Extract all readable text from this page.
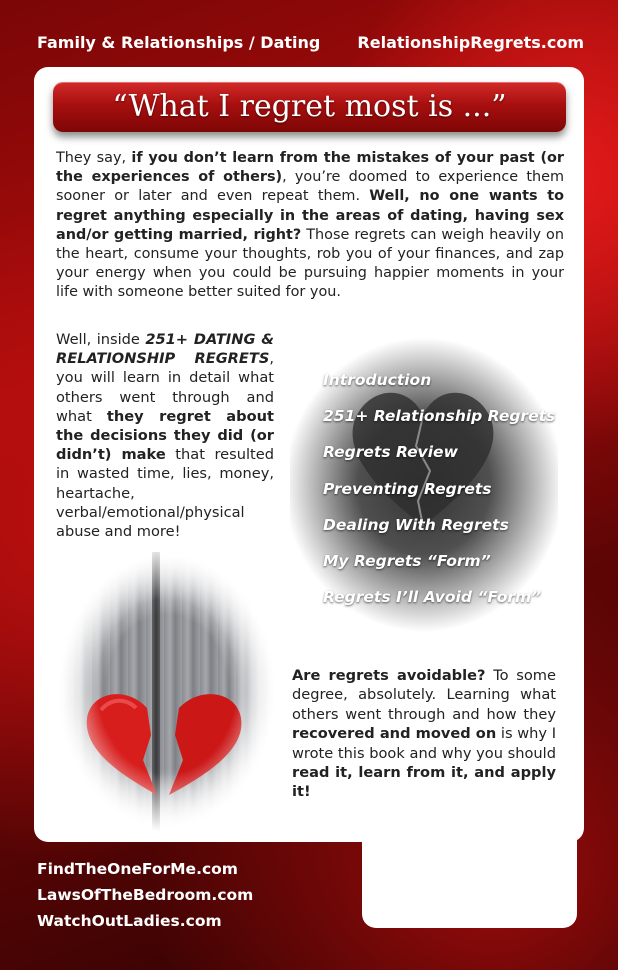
Family & Relationships / Dating RelationshipRegrets.com
“What I regret most is ...”
They say, if you don’t learn from the mistakes of your past (or the experiences of others), you’re doomed to experience them sooner or later and even repeat them. Well, no one wants to regret anything especially in the areas of dating, having sex and/or getting married, right? Those regrets can weigh heavily on the heart, consume your thoughts, rob you of your finances, and zap your energy when you could be pursuing happier moments in your life with someone better suited for you.
Well, inside 251+ DATING & RELATIONSHIP REGRETS, you will learn in detail what others went through and what they regret about the decisions they did (or didn’t) make that resulted in wasted time, lies, money, heartache, verbal/emotional/physical abuse and more!
Introduction
251+ Relationship Regrets
Regrets Review
Preventing Regrets
Dealing With Regrets
My Regrets “Form”
Regrets I’ll Avoid “Form”
Are regrets avoidable? To some degree, absolutely. Learning what others went through and how they recovered and moved on is why I wrote this book and why you should read it, learn from it, and apply it!
FindTheOneForMe.com
LawsOfTheBedroom.com
WatchOutLadies.com
